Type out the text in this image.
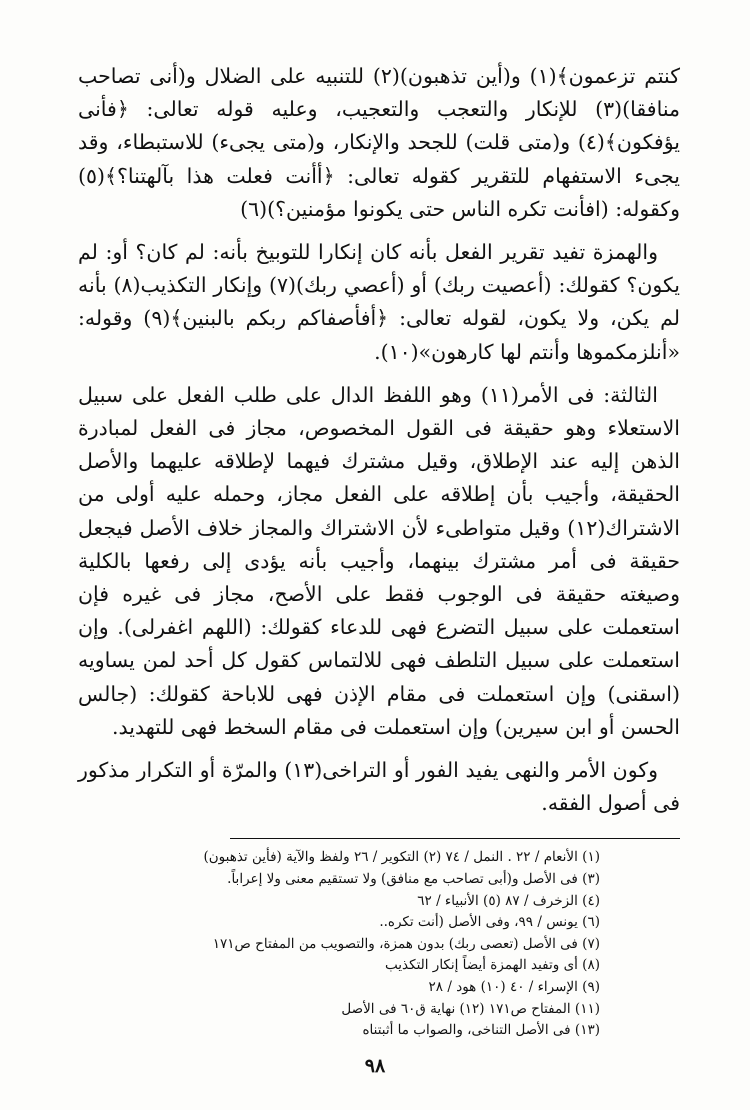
كنتم تزعمون﴾(١) و(أين تذهبون)(٢) للتنبيه على الضلال و(أنى تصاحب منافقا)(٣) للإنكار والتعجب والتعجيب، وعليه قوله تعالى: ﴿فأنى يؤفكون﴾(٤) و(متى قلت) للجحد والإنكار، و(متى يجىء) للاستبطاء، وقد يجىء الاستفهام للتقرير كقوله تعالى: ﴿أأنت فعلت هذا بآلهتنا؟﴾(٥) وكقوله: (افأنت تكره الناس حتى يكونوا مؤمنين؟)(٦)

والهمزة تفيد تقرير الفعل بأنه كان إنكارا للتوبيخ بأنه: لم كان؟ أو: لم يكون؟ كقولك: (أعصيت ربك) أو (أعصي ربك)(٧) وإنكار التكذيب(٨) بأنه لم يكن، ولا يكون، لقوله تعالى: ﴿أفأصفاكم ربكم بالبنين﴾(٩) وقوله: «أنلزمكموها وأنتم لها كارهون»(١٠).

الثالثة: فى الأمر(١١) وهو اللفظ الدال على طلب الفعل على سبيل الاستعلاء وهو حقيقة فى القول المخصوص، مجاز فى الفعل لمبادرة الذهن إليه عند الإطلاق، وقيل مشترك فيهما لإطلاقه عليهما والأصل الحقيقة، وأجيب بأن إطلاقه على الفعل مجاز، وحمله عليه أولى من الاشتراك(١٢) وقيل متواطىء لأن الاشتراك والمجاز خلاف الأصل فيجعل حقيقة فى أمر مشترك بينهما، وأجيب بأنه يؤدى إلى رفعها بالكلية وصيغته حقيقة فى الوجوب فقط على الأصح، مجاز فى غيره فإن استعملت على سبيل التضرع فهى للدعاء كقولك: (اللهم اغفرلى). وإن استعملت على سبيل التلطف فهى للالتماس كقول كل أحد لمن يساويه (اسقنى) وإن استعملت فى مقام الإذن فهى للاباحة كقولك: (جالس الحسن أو ابن سيرين) وإن استعملت فى مقام السخط فهى للتهديد.

وكون الأمر والنهى يفيد الفور أو التراخى(١٣) والمرّة أو التكرار مذكور فى أصول الفقه.

(١) الأنعام / ٢٢ . النمل / ٧٤ (٢) التكوير / ٢٦ ولفظ والآية (فأين تذهبون)
(٣) فى الأصل و(أبى تصاحب مع منافق) ولا تستقيم معنى ولا إعراباً.
(٤) الزخرف / ٨٧ (٥) الأنبياء / ٦٢
(٦) يونس / ٩٩، وفى الأصل (أنت تكره..
(٧) فى الأصل (تعصى ربك) بدون همزة، والتصويب من المفتاح ص١٧١
(٨) أى وتفيد الهمزة أيضاً إنكار التكذيب
(٩) الإسراء / ٤٠ (١٠) هود / ٢٨
(١١) المفتاح ص١٧١ (١٢) نهاية ق٦٠ فى الأصل
(١٣) فى الأصل التناخى، والصواب ما أثبتناه
٩٨
